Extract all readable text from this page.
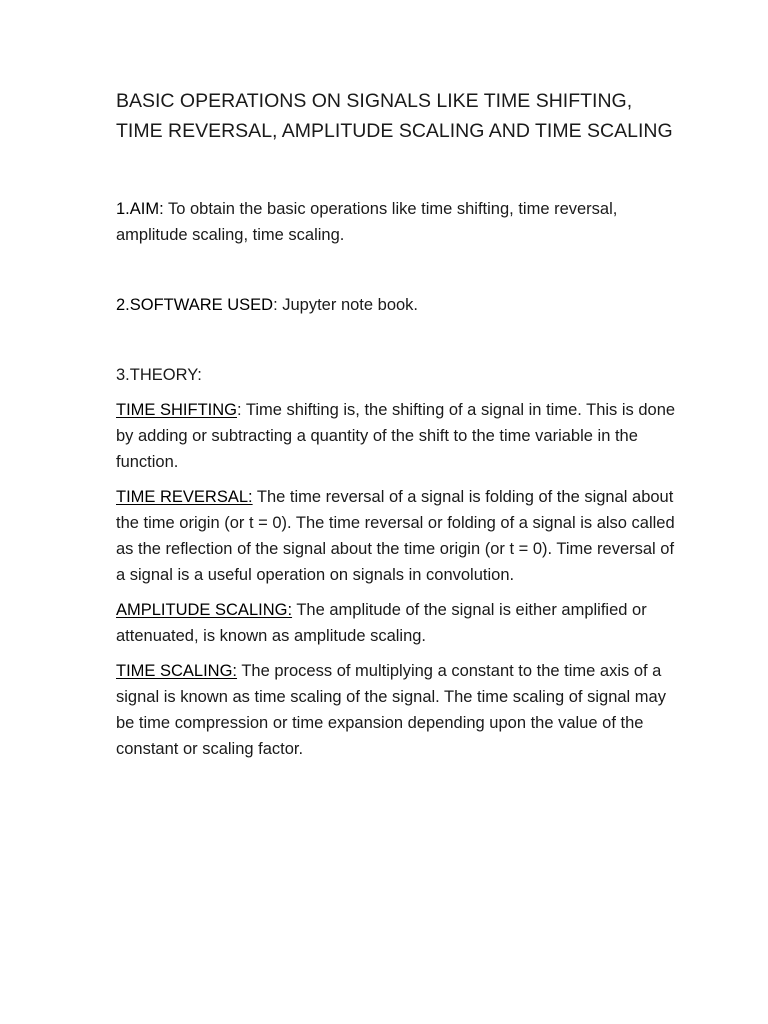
BASIC OPERATIONS ON SIGNALS LIKE TIME SHIFTING, TIME REVERSAL, AMPLITUDE SCALING AND TIME SCALING

1.AIM: To obtain the basic operations like time shifting, time reversal, amplitude scaling, time scaling.

2.SOFTWARE USED: Jupyter note book.

3.THEORY:

TIME SHIFTING: Time shifting is, the shifting of a signal in time. This is done by adding or subtracting a quantity of the shift to the time variable in the function.

TIME REVERSAL: The time reversal of a signal is folding of the signal about the time origin (or t = 0). The time reversal or folding of a signal is also called as the reflection of the signal about the time origin (or t = 0). Time reversal of a signal is a useful operation on signals in convolution.

AMPLITUDE SCALING: The amplitude of the signal is either amplified or attenuated, is known as amplitude scaling.

TIME SCALING: The process of multiplying a constant to the time axis of a signal is known as time scaling of the signal. The time scaling of signal may be time compression or time expansion depending upon the value of the constant or scaling factor.
